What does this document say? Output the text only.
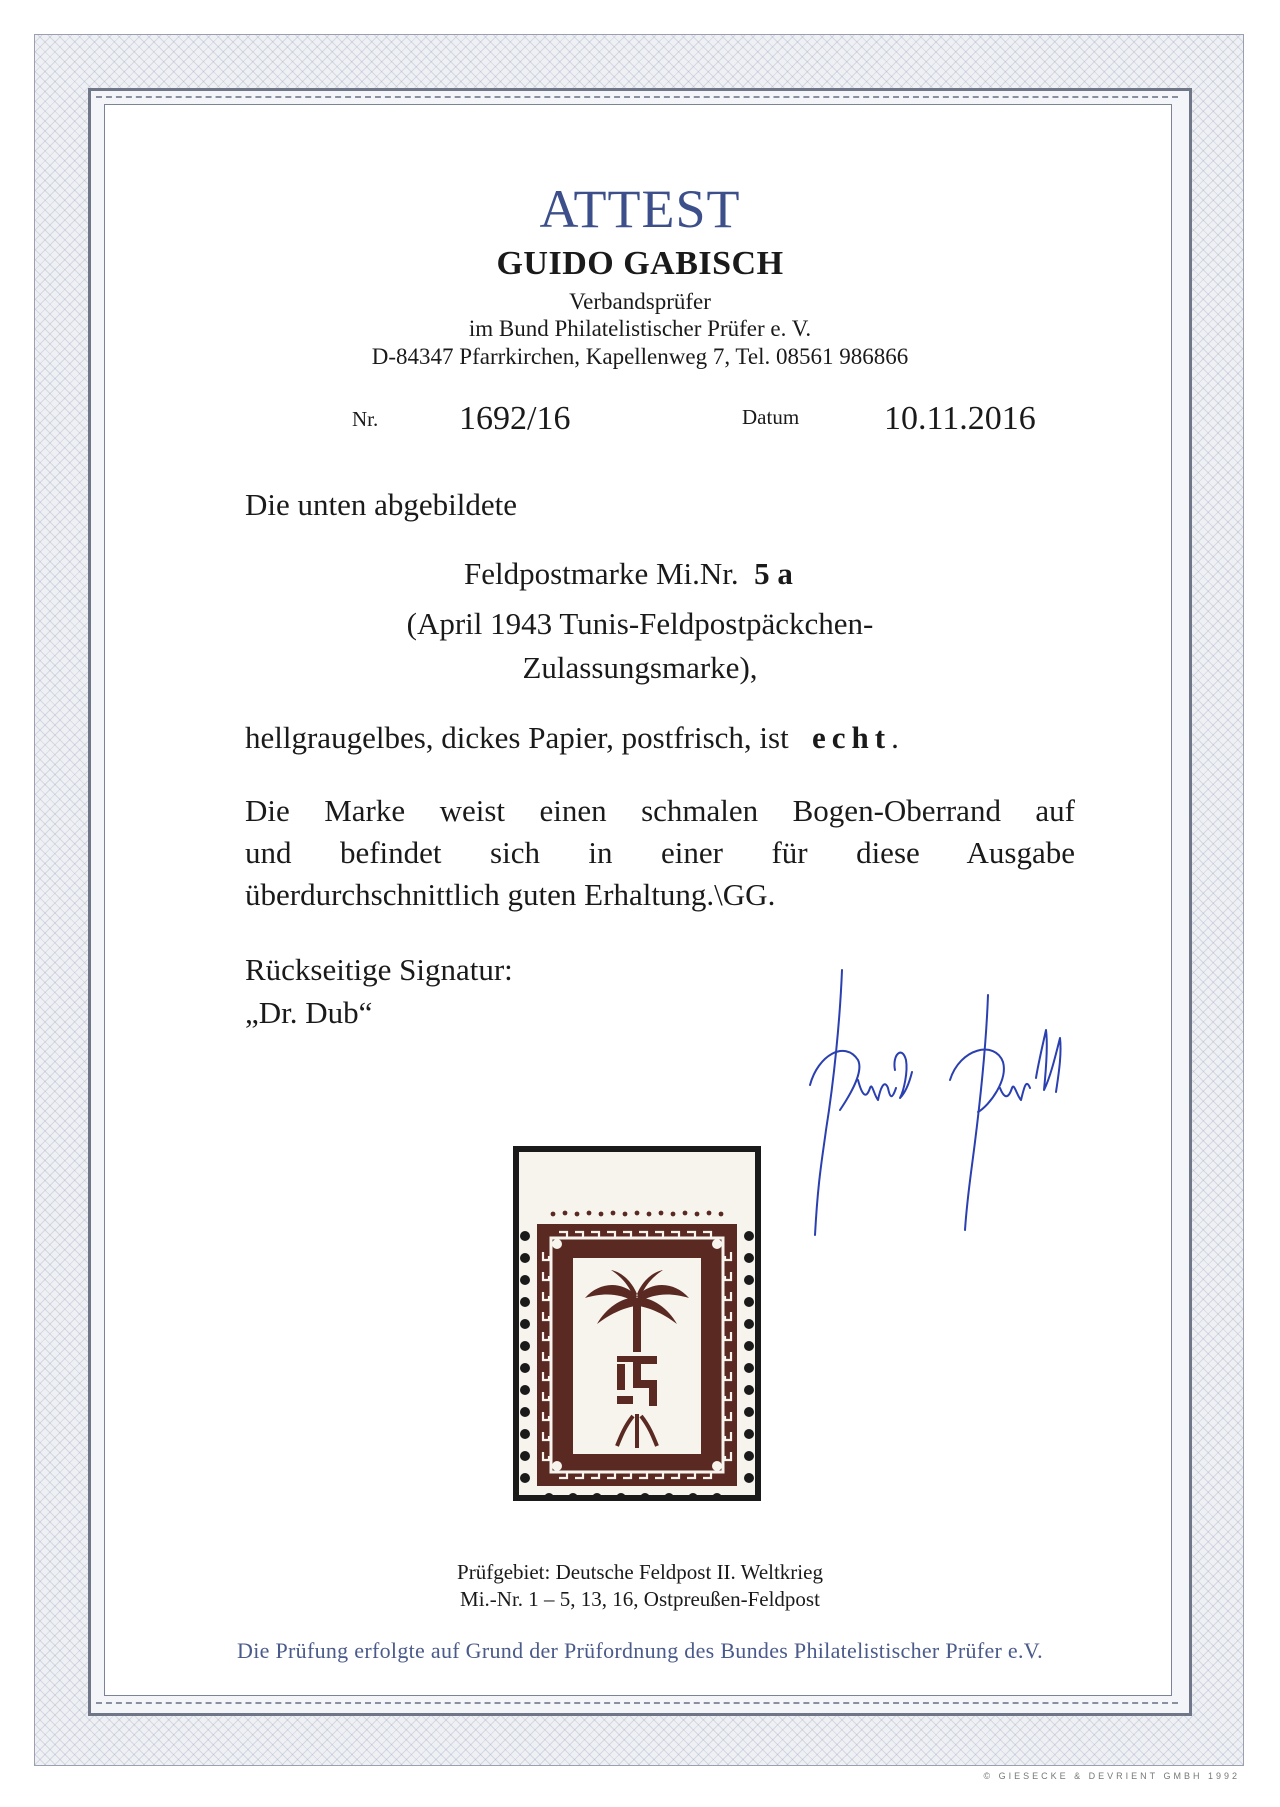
ATTEST
GUIDO GABISCH
Verbandsprüfer
im Bund Philatelistischer Prüfer e. V.
D-84347 Pfarrkirchen, Kapellenweg 7, Tel. 08561 986866
Nr. 1692/16	Datum 10.11.2016
Die unten abgebildete
Feldpostmarke Mi.Nr. 5 a
(April 1943 Tunis-Feldpostpäckchen-
Zulassungsmarke),
hellgraugelbes, dickes Papier, postfrisch, ist echt.
Die Marke weist einen schmalen Bogen-Oberrand auf
und befindet sich in einer für diese Ausgabe
überdurchschnittlich guten Erhaltung.\GG.
Rückseitige Signatur:
„Dr. Dub“
Prüfgebiet: Deutsche Feldpost II. Weltkrieg
Mi.-Nr. 1 – 5, 13, 16, Ostpreußen-Feldpost
Die Prüfung erfolgte auf Grund der Prüfordnung des Bundes Philatelistischer Prüfer e.V.
© GIESECKE & DEVRIENT GMBH 1992
